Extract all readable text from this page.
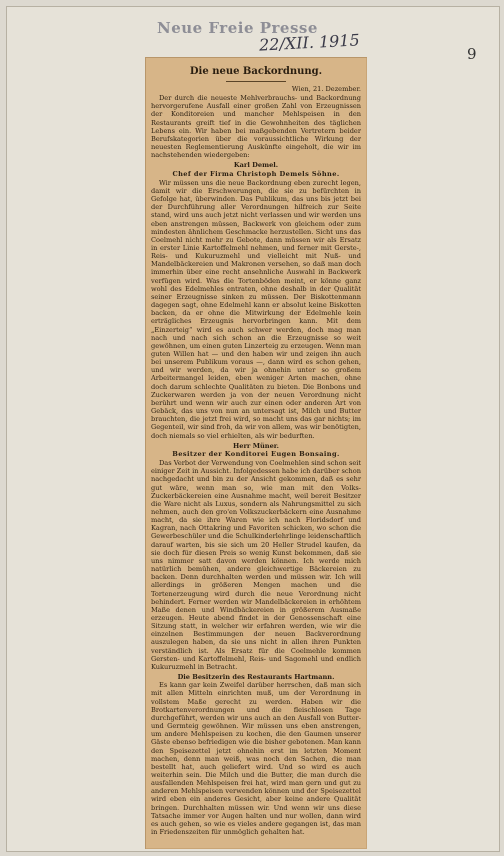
Neue Freie Presse
22/XII. 1915	9
Die neue Backordnung.
Wien, 21. Dezember.

Der durch die neueste Mehlverbrauchs- und Backordnung hervorgerufene Ausfall einer großen Zahl von Erzeugnissen der Konditoreien und mancher Mehlspeisen in den Restaurants greift tief in die Gewohnheiten des täglichen Lebens ein. Wir haben bei maßgebenden Vertretern beider Berufskategorien über die voraussichtliche Wirkung der neuesten Reglementierung Auskünfte eingeholt, die wir im nachstehenden wiedergeben:

Karl Demel.
Chef der Firma Christoph Demels Söhne.

Wir müssen uns die neue Backordnung eben zurecht legen, damit wir die Erschwerungen, die sie zu befürchten in Gefolge hat, überwinden. Das Publikum, das uns bis jetzt bei der Durchführung aller Verordnungen hilfreich zur Seite stand, wird uns auch jetzt nicht verlassen und wir werden uns eben anstrengen müssen, Backwerk von gleichem oder zum mindesten ähnlichem Geschmacke herzustellen. Sicht uns das Coelmehl nicht mehr zu Gebote, dann müssen wir als Ersatz in erster Linie Kartoffelmehl nehmen, und ferner mit Gerste-, Reis- und Kukuruzmehl und vielleicht mit Nuß- und Mandelbäckereien und Makronen versehen, so daß man doch immerhin über eine recht ansehnliche Auswahl in Backwerk verfügen wird. Was die Tortenböden meint, er könne ganz wohl des Edelmehles entraten, ohne deshalb in der Qualität seiner Erzeugnisse sinken zu müssen. Der Biskottenmann dagegen sagt, ohne Edelmehl kann er absolut keine Biskotten backen, da er ohne die Mitwirkung der Edelmehle kein erträgliches Erzeugnis hervorbringen kann. Mit dem „Einzerteig“ wird es auch schwer werden, doch mag man nach und nach sich schon an die Erzeugnisse so weit gewöhnen, um einen guten Linzerteig zu erzeugen. Wenn man guten Willen hat — und den haben wir und zeigen ihn auch bei unserem Publikum voraus —, dann wird es schon gehen, und wir werden, da wir ja ohnehin unter so großem Arbeitermangel leiden, eben weniger Arten machen, ohne doch darum schlechte Qualitäten zu bieten. Die Bonbons und Zuckerwaren werden ja von der neuen Verordnung nicht berührt und wenn wir auch zur einen oder anderen Art von Gebäck, das uns von nun an untersagt ist, Milch und Butter brauchten, die jetzt frei wird, so macht uns das gar nichts; im Gegenteil, wir sind froh, da wir von allem, was wir benötigten, doch niemals so viel erhielten, als wir bedurften.

Herr Müner.
Besitzer der Konditorei Eugen Bonsaing.

Das Verbot der Verwendung von Coelmehlen sind schon seit einiger Zeit in Aussicht. Infolgedessen habe ich darüber schon nachgedacht und bin zu der Ansicht gekommen, daß es sehr gut wäre, wenn man so, wie man mit den Volks-Zuckerbäckereien eine Ausnahme macht, weil bereit Besitzer die Ware nicht als Luxus, sondern als Nahrungsmittel zu sich nehmen, auch den gro'en Volkszuckerbäckern eine Ausnahme macht, da sie ihre Waren wie ich nach Floridsdorf und Kagran, nach Ottakring und Favoriten schicken, wo schon die Gewerbeschüler und die Schulkinderlehrlinge leidenschaftlich darauf warten, bis sie sich um 20 Heller Strudel kaufen, da sie doch für diesen Preis so wenig Kunst bekommen, daß sie uns nimmer satt davon werden können. Ich werde mich natürlich bemühen, andere gleichwertige Bäckereien zu backen. Denn durchhalten werden und müssen wir. Ich will allerdings in größeren Mengen machen und die Tortenerzeugung wird durch die neue Verordnung nicht behindert. Ferner werden wir Mandelbäckereien in erhöhtem Maße denen und Windbäckereien in größerem Ausmaße erzeugen. Heute abend findet in der Genossenschaft eine Sitzung statt, in welcher wir erfahren werden, wie wir die einzelnen Bestimmungen der neuen Backverordnung auszulegen haben, da sie uns nicht in allen ihren Punkten verständlich ist. Als Ersatz für die Coelmehle kommen Gersten- und Kartoffelmehl, Reis- und Sagomehl und endlich Kukuruzmehl in Betracht.

Die Besitzerin des Restaurants Hartmann.

Es kann gar kein Zweifel darüber herrschen, daß man sich mit allen Mitteln einrichten muß, um der Verordnung in vollstem Maße gerecht zu werden. Haben wir die Brotkartenverordnungen und die fleischlosen Tage durchgeführt, werden wir uns auch an den Ausfall von Butter- und Germteig gewöhnen. Wir müssen uns eben anstrengen, um andere Mehlspeisen zu kochen, die den Gaumen unserer Gäste ebenso befriedigen wie die bisher gebotenen. Man kann den Speisezettel jetzt ohnehin erst im letzten Moment machen, denn man weiß, was noch den Sachen, die man bestellt hat, auch geliefert wird. Und so wird es auch weiterhin sein. Die Milch und die Butter, die man durch die ausfallenden Mehlspeisen frei hat, wird man gern und gut zu anderen Mehlspeisen verwenden können und der Speisezettel wird eben ein anderes Gesicht, aber keine andere Qualität bringen. Durchhalten müssen wir. Und wenn wir uns diese Tatsache immer vor Augen halten und nur wollen, dann wird es auch gehen, so wie es vieles andere gegangen ist, das man in Friedenszeiten für unmöglich gehalten hat.
